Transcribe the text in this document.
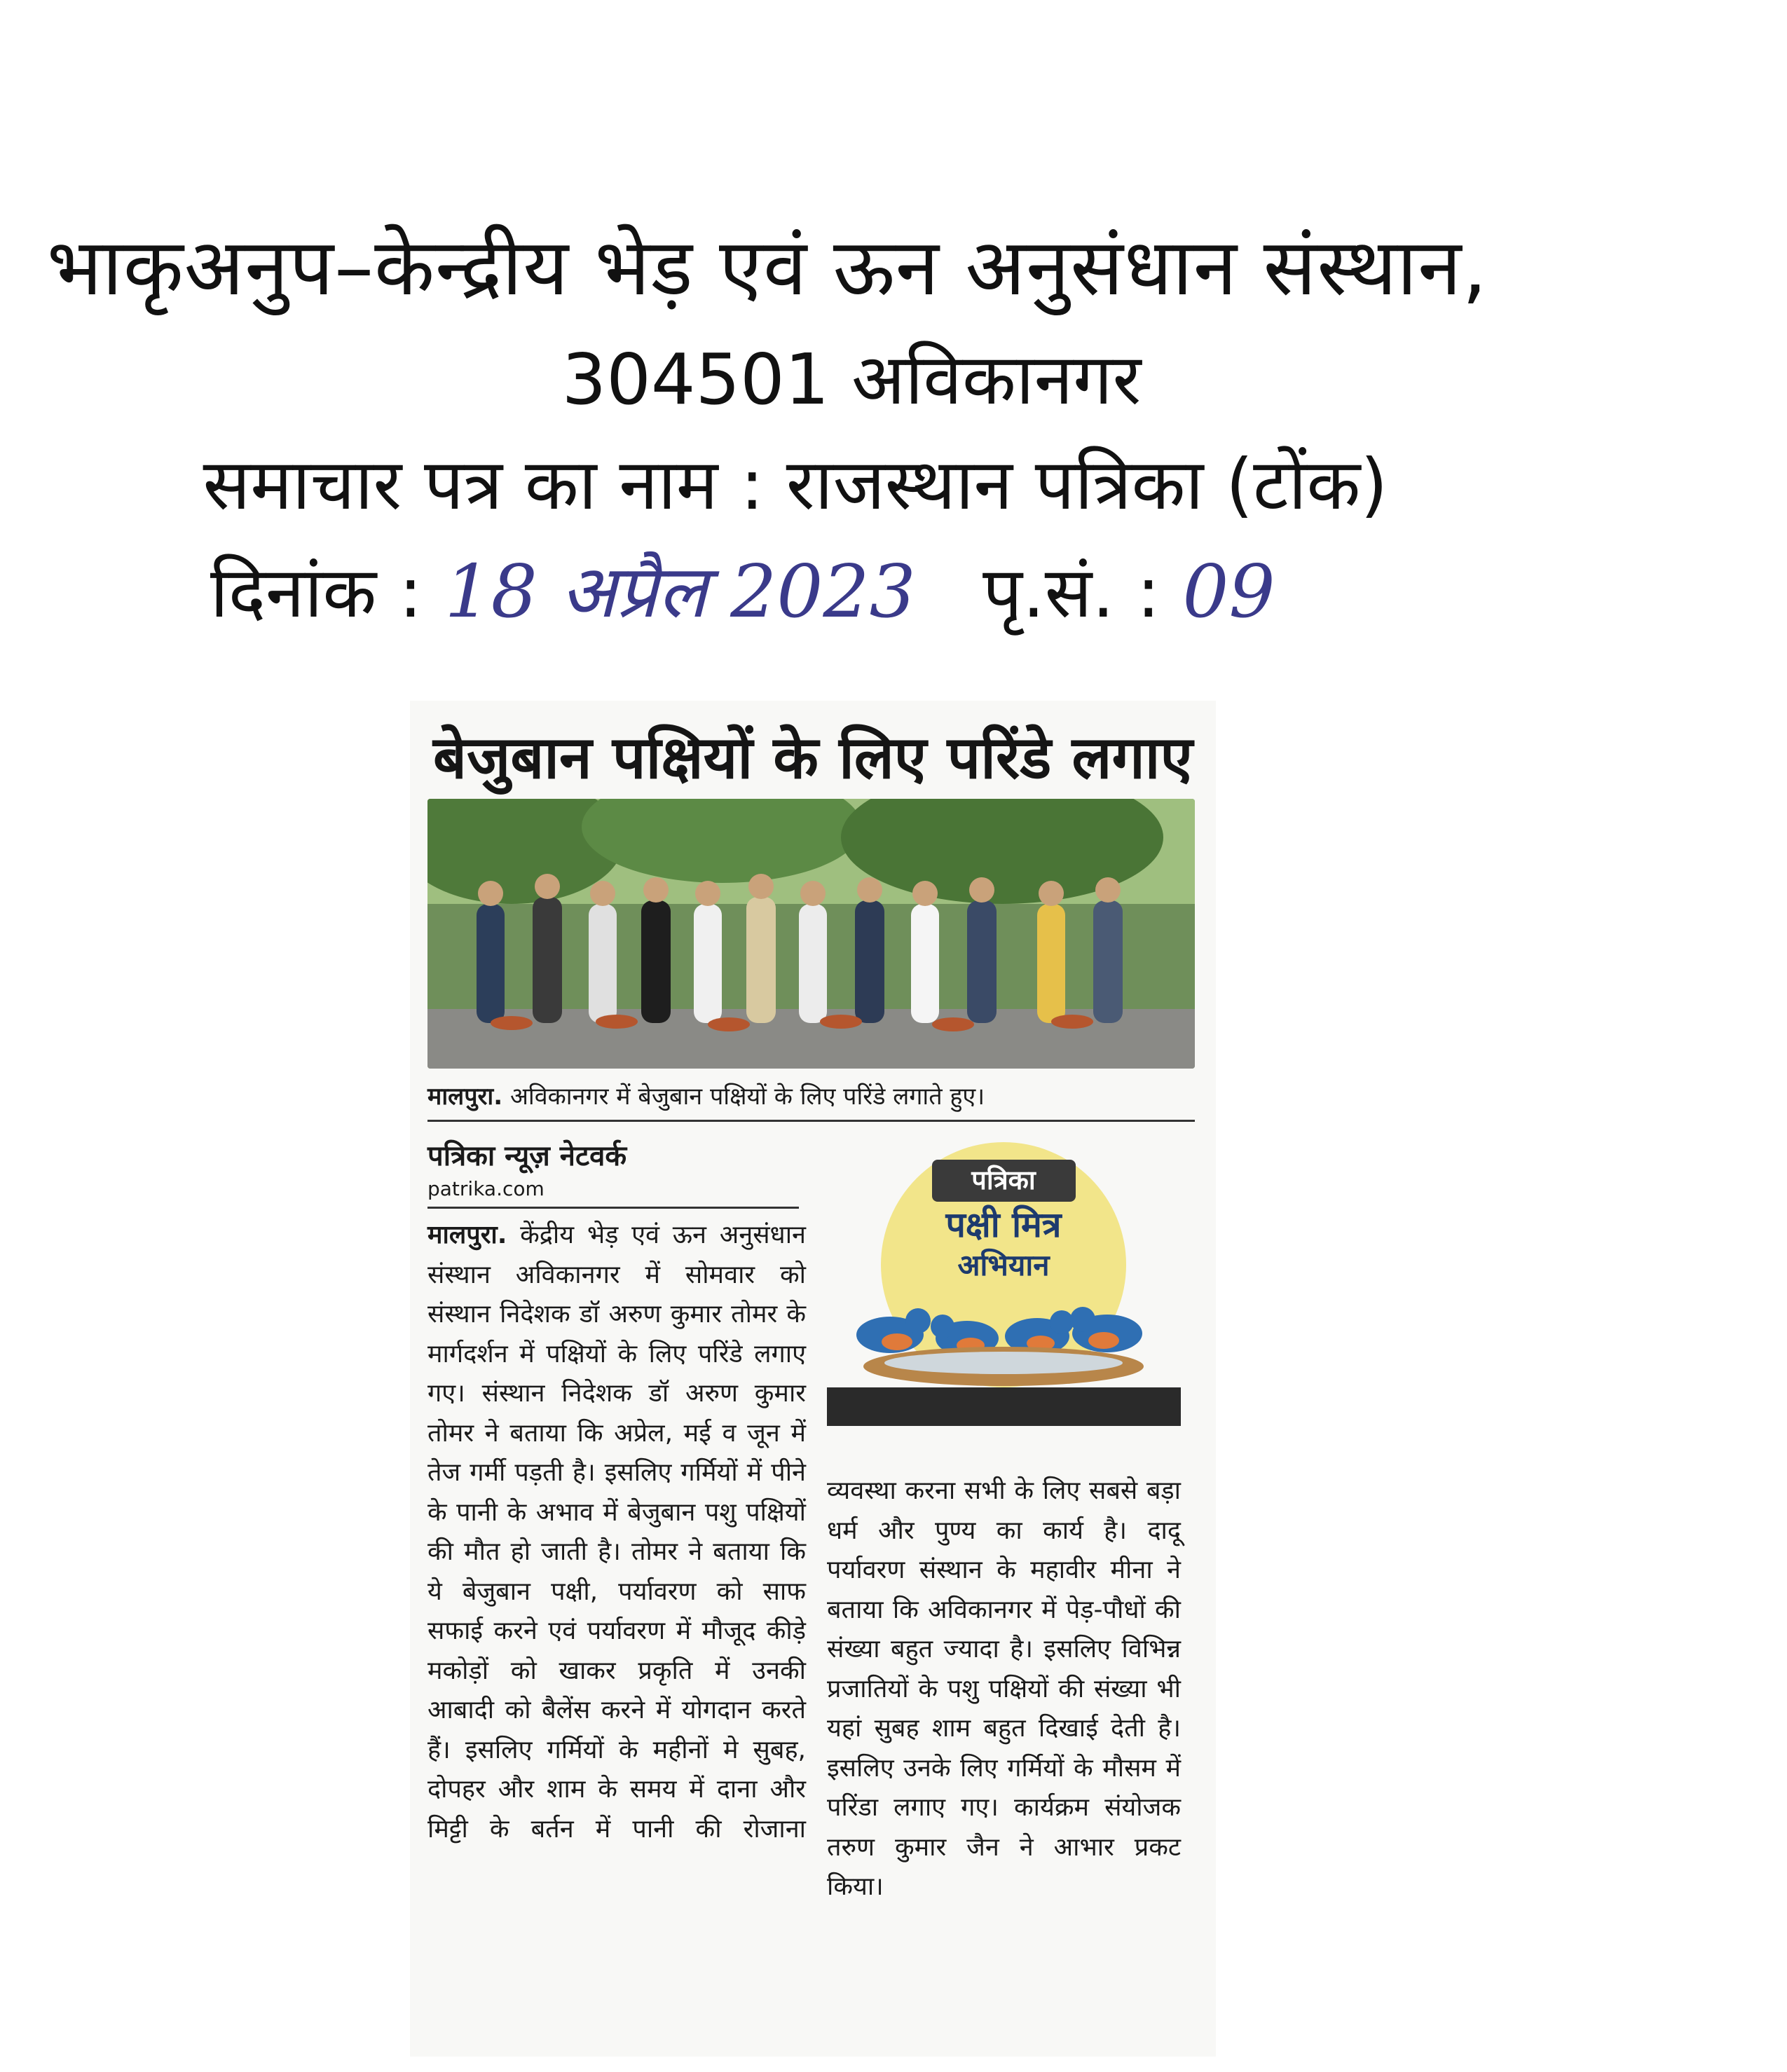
भाकृअनुप–केन्द्रीय भेड़ एवं ऊन अनुसंधान संस्थान,
304501 अविकानगर
समाचार पत्र का नाम : राजस्थान पत्रिका (टोंक)
दिनांक : 18 अप्रैल 2023 पृ.सं. : 09
बेजुबान पक्षियों के लिए परिंडे लगाए
मालपुरा. अविकानगर में बेजुबान पक्षियों के लिए परिंडे लगाते हुए।
पत्रिका न्यूज़ नेटवर्क
patrika.com
मालपुरा. केंद्रीय भेड़ एवं ऊन अनुसंधान संस्थान अविकानगर में सोमवार को संस्थान निदेशक डॉ अरुण कुमार तोमर के मार्गदर्शन में पक्षियों के लिए परिंडे लगाए गए। संस्थान निदेशक डॉ अरुण कुमार तोमर ने बताया कि अप्रेल, मई व जून में तेज गर्मी पड़ती है। इसलिए गर्मियों में पीने के पानी के अभाव में बेजुबान पशु पक्षियों की मौत हो जाती है। तोमर ने बताया कि ये बेजुबान पक्षी, पर्यावरण को साफ सफाई करने एवं पर्यावरण में मौजूद कीड़े मकोड़ों को खाकर प्रकृति में उनकी आबादी को बैलेंस करने में योगदान करते हैं। इसलिए गर्मियों के महीनों मे सुबह, दोपहर और शाम के समय में दाना और मिट्टी के बर्तन में पानी की रोजाना
पत्रिका
पक्षी मित्र
अभियान
व्यवस्था करना सभी के लिए सबसे बड़ा धर्म और पुण्य का कार्य है। दादू पर्यावरण संस्थान के महावीर मीना ने बताया कि अविकानगर में पेड़-पौधों की संख्या बहुत ज्यादा है। इसलिए विभिन्न प्रजातियों के पशु पक्षियों की संख्या भी यहां सुबह शाम बहुत दिखाई देती है। इसलिए उनके लिए गर्मियों के मौसम में परिंडा लगाए गए। कार्यक्रम संयोजक तरुण कुमार जैन ने आभार प्रकट किया।
